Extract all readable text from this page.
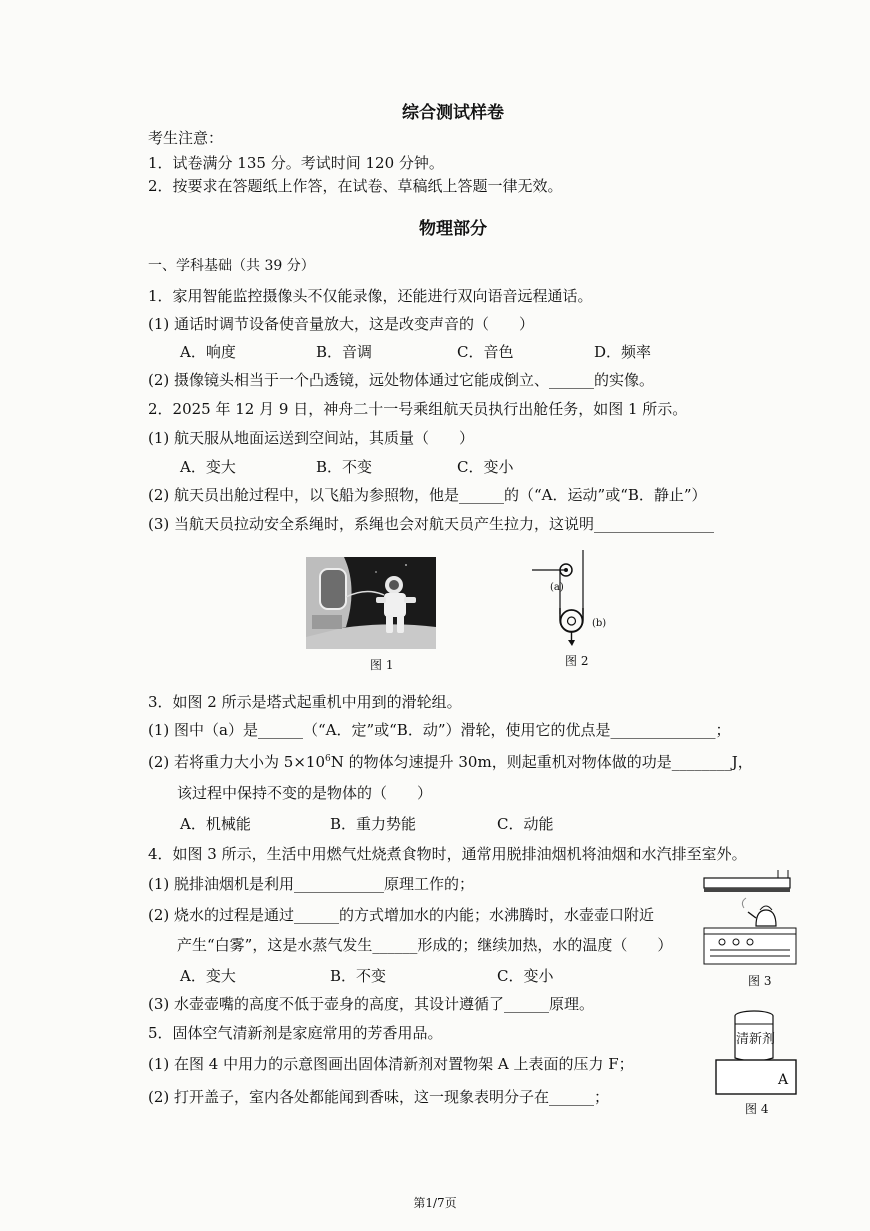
综合测试样卷
考生注意：
1．试卷满分 135 分。考试时间 120 分钟。
2．按要求在答题纸上作答，在试卷、草稿纸上答题一律无效。
物理部分
一、学科基础（共 39 分）
1．家用智能监控摄像头不仅能录像，还能进行双向语音远程通话。
(1) 通话时调节设备使音量放大，这是改变声音的（　　）
A．响度	B．音调	C．音色	D．频率
(2) 摄像镜头相当于一个凸透镜，远处物体通过它能成倒立、______的实像。
2．2025 年 12 月 9 日，神舟二十一号乘组航天员执行出舱任务，如图 1 所示。
(1) 航天服从地面运送到空间站，其质量（　　）
A．变大	B．不变	C．变小
(2) 航天员出舱过程中，以飞船为参照物，他是______的（“A．运动”或“B．静止”）
(3) 当航天员拉动安全系绳时，系绳也会对航天员产生拉力，这说明________________
图 1
(a)
(b)
图 2
3．如图 2 所示是塔式起重机中用到的滑轮组。
(1) 图中（a）是______（“A．定”或“B．动”）滑轮，使用它的优点是______________；
(2) 若将重力大小为 $5\times 10^6N$ 的物体匀速提升 30m，则起重机对物体做的功是________J，
该过程中保持不变的是物体的（　　）
A．机械能	B．重力势能	C．动能
4．如图 3 所示，生活中用燃气灶烧煮食物时，通常用脱排油烟机将油烟和水汽排至室外。
(1) 脱排油烟机是利用____________原理工作的；
(2) 烧水的过程是通过______的方式增加水的内能；水沸腾时，水壶壶口附近
产生“白雾”，这是水蒸气发生______形成的；继续加热，水的温度（　　）
A．变大	B．不变	C．变小
(3) 水壶壶嘴的高度不低于壶身的高度，其设计遵循了______原理。
图 3
5．固体空气清新剂是家庭常用的芳香用品。
(1) 在图 4 中用力的示意图画出固体清新剂对置物架 A 上表面的压力 F；
(2) 打开盖子，室内各处都能闻到香味，这一现象表明分子在______；
清新剂
A
图 4
第1/7页
